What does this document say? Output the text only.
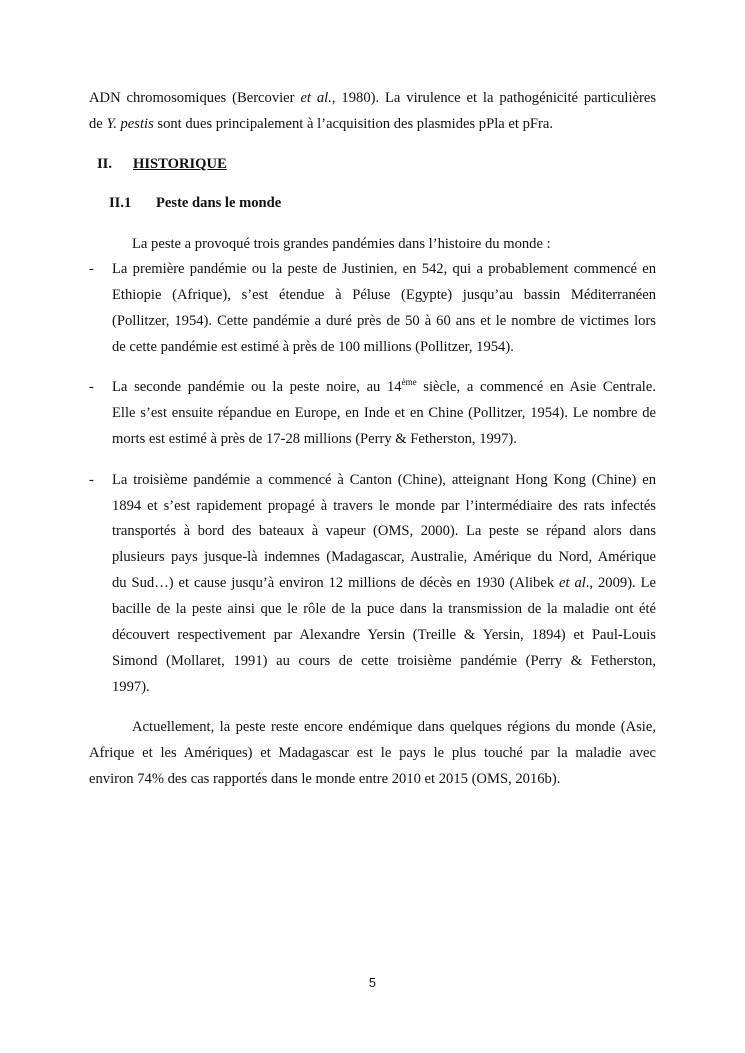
ADN chromosomiques (Bercovier et al., 1980). La virulence et la pathogénicité particulières
de Y. pestis sont dues principalement à l’acquisition des plasmides pPla et pFra.
II. HISTORIQUE
II.1 Peste dans le monde
La peste a provoqué trois grandes pandémies dans l’histoire du monde :
- La première pandémie ou la peste de Justinien, en 542, qui a probablement commencé en
Ethiopie (Afrique), s’est étendue à Péluse (Egypte) jusqu’au bassin Méditerranéen
(Pollitzer, 1954). Cette pandémie a duré près de 50 à 60 ans et le nombre de victimes lors
de cette pandémie est estimé à près de 100 millions (Pollitzer, 1954).
- La seconde pandémie ou la peste noire, au 14ème siècle, a commencé en Asie Centrale.
Elle s’est ensuite répandue en Europe, en Inde et en Chine (Pollitzer, 1954). Le nombre de
morts est estimé à près de 17-28 millions (Perry & Fetherston, 1997).
- La troisième pandémie a commencé à Canton (Chine), atteignant Hong Kong (Chine) en
1894 et s’est rapidement propagé à travers le monde par l’intermédiaire des rats infectés
transportés à bord des bateaux à vapeur (OMS, 2000). La peste se répand alors dans
plusieurs pays jusque-là indemnes (Madagascar, Australie, Amérique du Nord, Amérique
du Sud…) et cause jusqu’à environ 12 millions de décès en 1930 (Alibek et al., 2009). Le
bacille de la peste ainsi que le rôle de la puce dans la transmission de la maladie ont été
découvert respectivement par Alexandre Yersin (Treille & Yersin, 1894) et Paul-Louis
Simond (Mollaret, 1991) au cours de cette troisième pandémie (Perry & Fetherston,
1997).
Actuellement, la peste reste encore endémique dans quelques régions du monde (Asie,
Afrique et les Amériques) et Madagascar est le pays le plus touché par la maladie avec
environ 74% des cas rapportés dans le monde entre 2010 et 2015 (OMS, 2016b).
5
